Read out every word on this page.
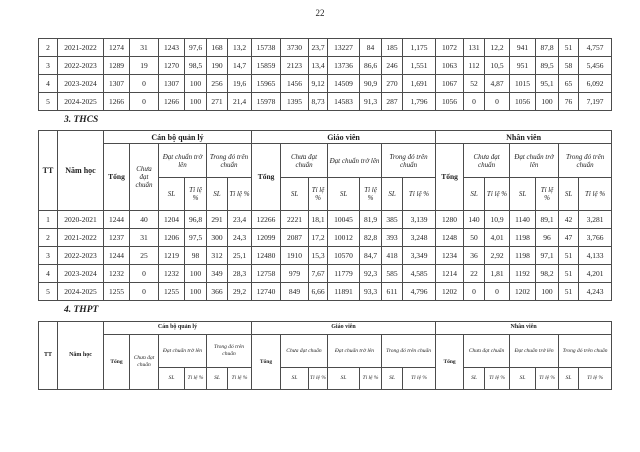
22
2	2021-2022	1274	31	1243	97,6	168	13,2	15738	3730	23,7	13227	84	185	1,175	1072	131	12,2	941	87,8	51	4,757
3	2022-2023	1289	19	1270	98,5	190	14,7	15859	2123	13,4	13736	86,6	246	1,551	1063	112	10,5	951	89,5	58	5,456
4	2023-2024	1307	0	1307	100	256	19,6	15965	1456	9,12	14509	90,9	270	1,691	1067	52	4,87	1015	95,1	65	6,092
5	2024-2025	1266	0	1266	100	271	21,4	15978	1395	8,73	14583	91,3	287	1,796	1056	0	0	1056	100	76	7,197
3. THCS
TT	Năm học	Cán bộ quản lý						Giáo viên							Nhân viên						
		Tổng	Chưa đạt chuẩn	Đạt chuẩn trở lên		Trong đó trên chuẩn		Tổng	Chưa đạt chuẩn		Đạt chuẩn trở lên		Trong đó trên chuẩn		Tổng	Chưa đạt chuẩn		Đạt chuẩn trở lên		Trong đó trên chuẩn	
				SL	Tỉ lệ %	SL	Tỉ lệ %		SL	Tỉ lệ %	SL	Tỉ lệ %	SL	Tỉ lệ %		SL	Tỉ lệ %	SL	Tỉ lệ %	SL	Tỉ lệ %
1	2020-2021	1244	40	1204	96,8	291	23,4	12266	2221	18,1	10045	81,9	385	3,139	1280	140	10,9	1140	89,1	42	3,281
2	2021-2022	1237	31	1206	97,5	300	24,3	12099	2087	17,2	10012	82,8	393	3,248	1248	50	4,01	1198	96	47	3,766
3	2022-2023	1244	25	1219	98	312	25,1	12480	1910	15,3	10570	84,7	418	3,349	1234	36	2,92	1198	97,1	51	4,133
4	2023-2024	1232	0	1232	100	349	28,3	12758	979	7,67	11779	92,3	585	4,585	1214	22	1,81	1192	98,2	51	4,201
5	2024-2025	1255	0	1255	100	366	29,2	12740	849	6,66	11891	93,3	611	4,796	1202	0	0	1202	100	51	4,243
4. THPT
TT	Năm học	Cán bộ quản lý						Giáo viên							Nhân viên						
		Tổng	Chưa đạt chuẩn	Đạt chuẩn trở lên		Trong đó trên chuẩn		Tổng	Chưa đạt chuẩn		Đạt chuẩn trở lên		Trong đó trên chuẩn		Tổng	Chưa đạt chuẩn		Đạt chuẩn trở lên		Trong đó trên chuẩn	
				SL	Tỉ lệ %	SL	Tỉ lệ %		SL	Tỉ lệ %	SL	Tỉ lệ %	SL	Tỉ lệ %		SL	Tỉ lệ %	SL	Tỉ lệ %	SL	Tỉ lệ %
